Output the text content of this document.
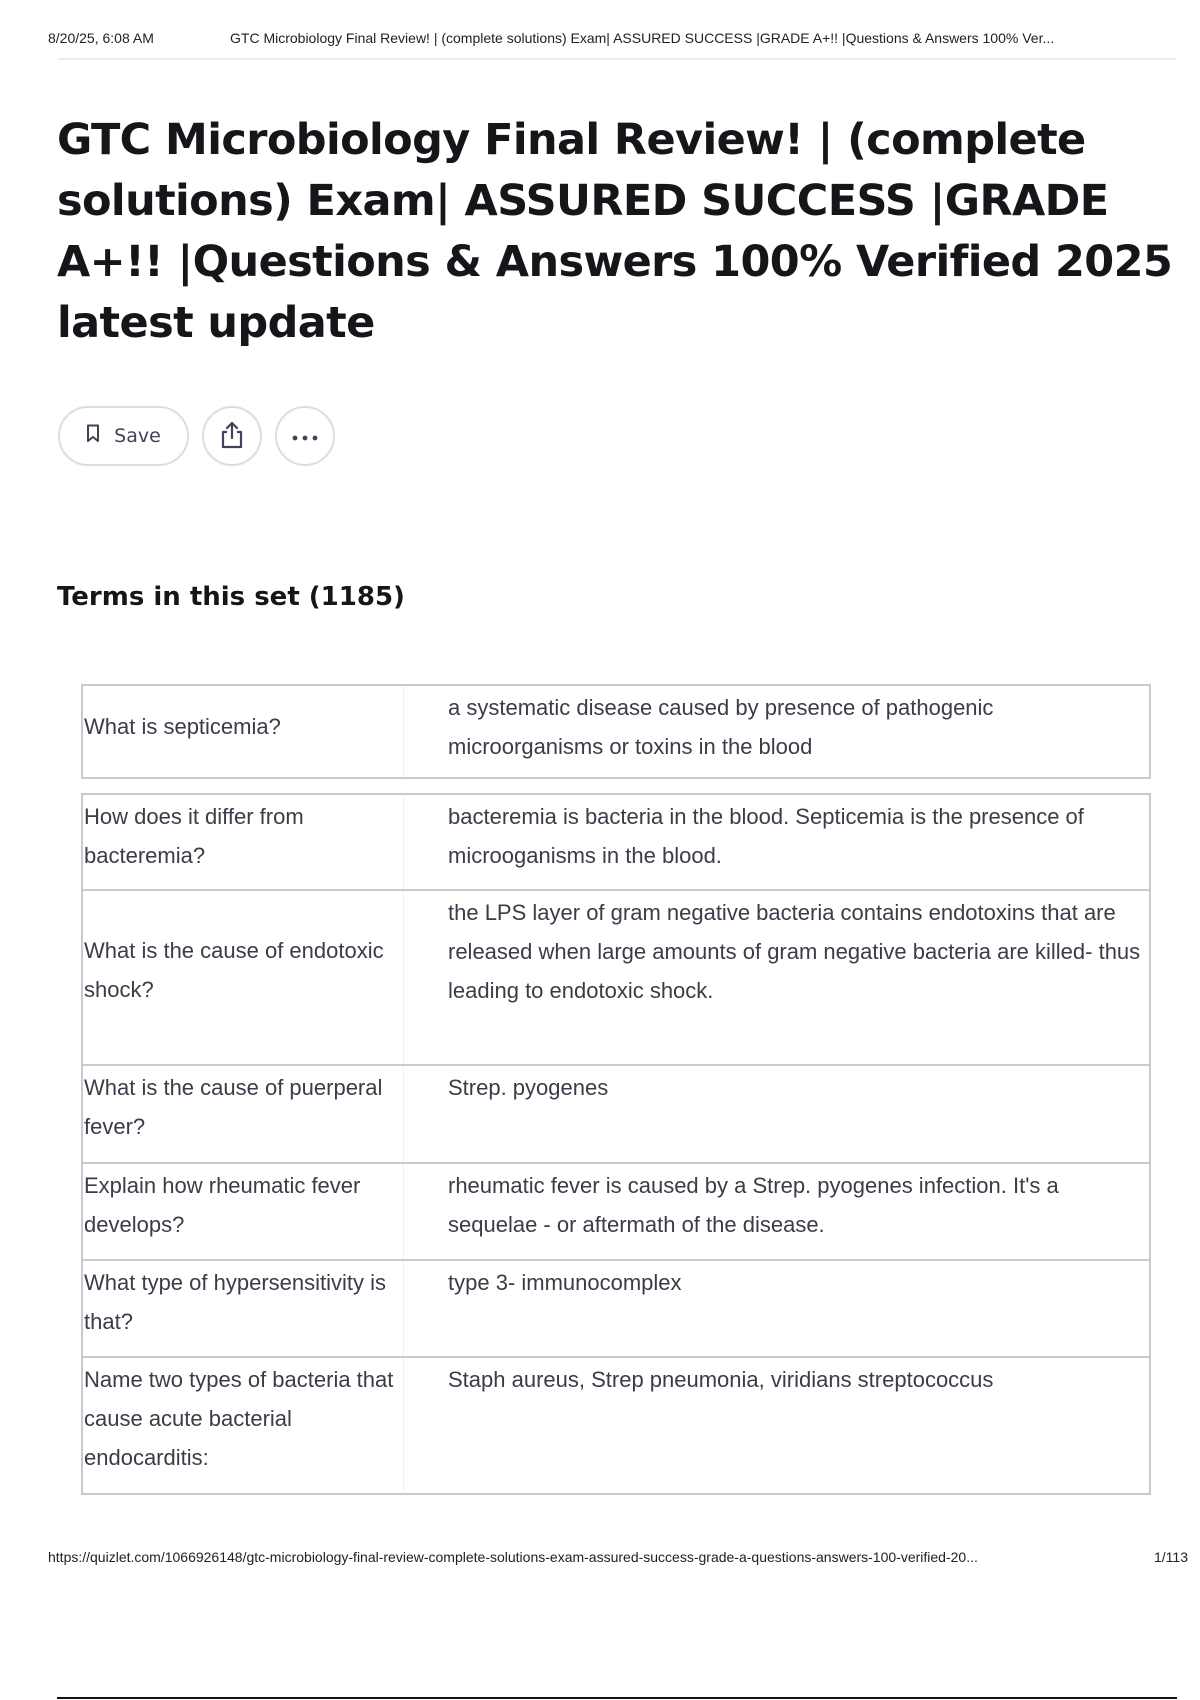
8/20/25, 6:08 AM	GTC Microbiology Final Review! | (complete solutions) Exam| ASSURED SUCCESS |GRADE A+!! |Questions & Answers 100% Ver...
GTC Microbiology Final Review! | (complete solutions) Exam| ASSURED SUCCESS |GRADE A+!! |Questions & Answers 100% Verified 2025 latest update
Save
Terms in this set (1185)
What is septicemia?
a systematic disease caused by presence of pathogenic microorganisms or toxins in the blood
How does it differ from bacteremia?
bacteremia is bacteria in the blood. Septicemia is the presence of microoganisms in the blood.
What is the cause of endotoxic shock?
the LPS layer of gram negative bacteria contains endotoxins that are released when large amounts of gram negative bacteria are killed- thus leading to endotoxic shock.
What is the cause of puerperal fever?
Strep. pyogenes
Explain how rheumatic fever develops?
rheumatic fever is caused by a Strep. pyogenes infection. It's a sequelae - or aftermath of the disease.
What type of hypersensitivity is that?
type 3- immunocomplex
Name two types of bacteria that cause acute bacterial endocarditis:
Staph aureus, Strep pneumonia, viridians streptococcus
https://quizlet.com/1066926148/gtc-microbiology-final-review-complete-solutions-exam-assured-success-grade-a-questions-answers-100-verified-20...	1/113
